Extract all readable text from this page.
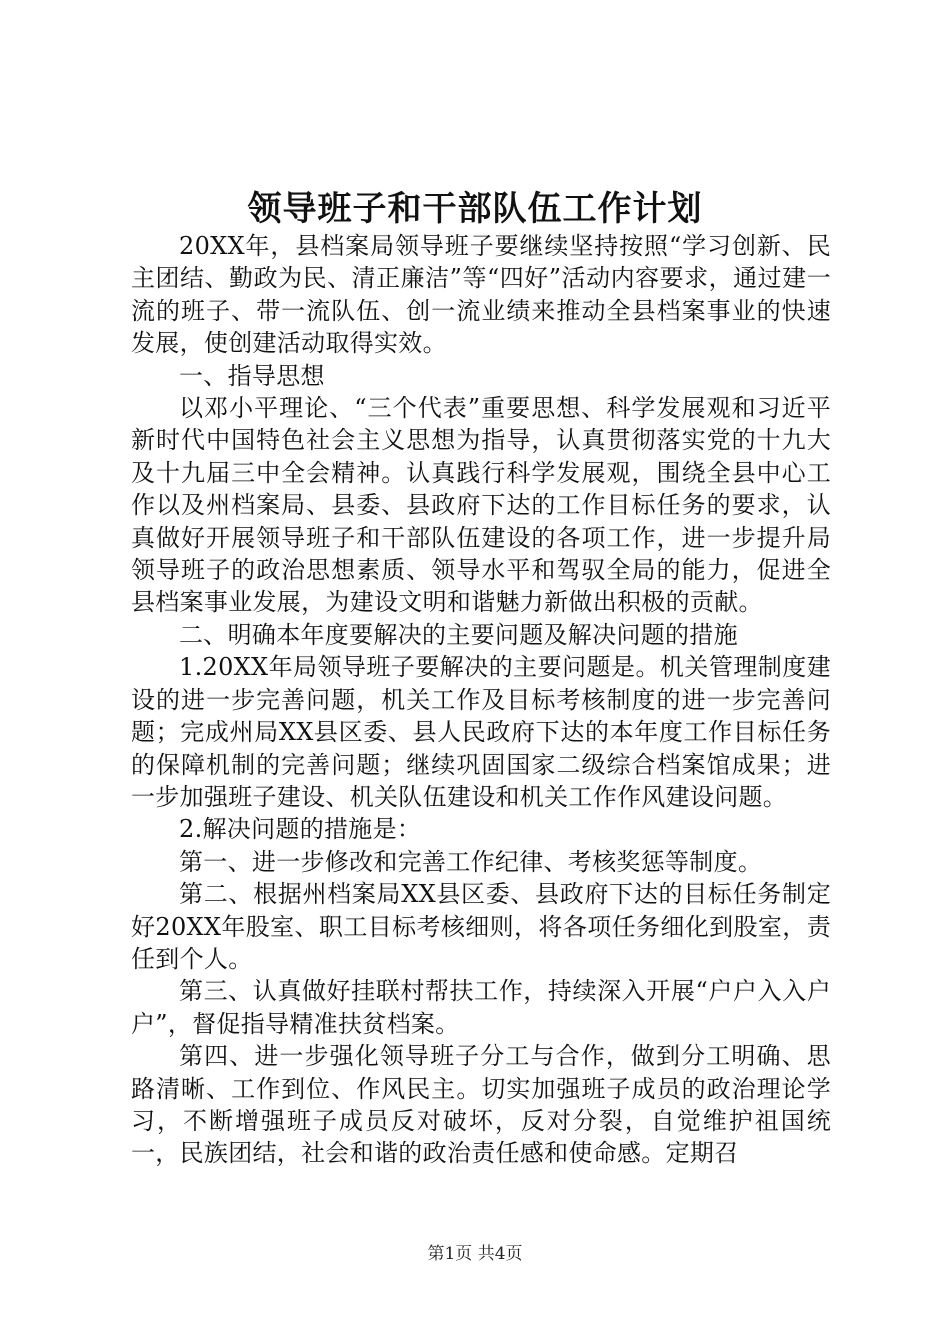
领导班子和干部队伍工作计划

20XX年，县档案局领导班子要继续坚持按照“学习创新、民主团结、勤政为民、清正廉洁”等“四好”活动内容要求，通过建一流的班子、带一流队伍、创一流业绩来推动全县档案事业的快速发展，使创建活动取得实效。

一、指导思想

以邓小平理论、“三个代表”重要思想、科学发展观和习近平新时代中国特色社会主义思想为指导，认真贯彻落实党的十九大及十九届三中全会精神。认真践行科学发展观，围绕全县中心工作以及州档案局、县委、县政府下达的工作目标任务的要求，认真做好开展领导班子和干部队伍建设的各项工作，进一步提升局领导班子的政治思想素质、领导水平和驾驭全局的能力，促进全县档案事业发展，为建设文明和谐魅力新做出积极的贡献。

二、明确本年度要解决的主要问题及解决问题的措施

1.20XX年局领导班子要解决的主要问题是。机关管理制度建设的进一步完善问题，机关工作及目标考核制度的进一步完善问题；完成州局XX县区委、县人民政府下达的本年度工作目标任务的保障机制的完善问题；继续巩固国家二级综合档案馆成果；进一步加强班子建设、机关队伍建设和机关工作作风建设问题。

2.解决问题的措施是：

第一、进一步修改和完善工作纪律、考核奖惩等制度。

第二、根据州档案局XX县区委、县政府下达的目标任务制定好20XX年股室、职工目标考核细则，将各项任务细化到股室，责任到个人。

第三、认真做好挂联村帮扶工作，持续深入开展“户户入入户户”，督促指导精准扶贫档案。

第四、进一步强化领导班子分工与合作，做到分工明确、思路清晰、工作到位、作风民主。切实加强班子成员的政治理论学习，不断增强班子成员反对破坏，反对分裂，自觉维护祖国统一，民族团结，社会和谐的政治责任感和使命感。定期召

第1页 共4页
